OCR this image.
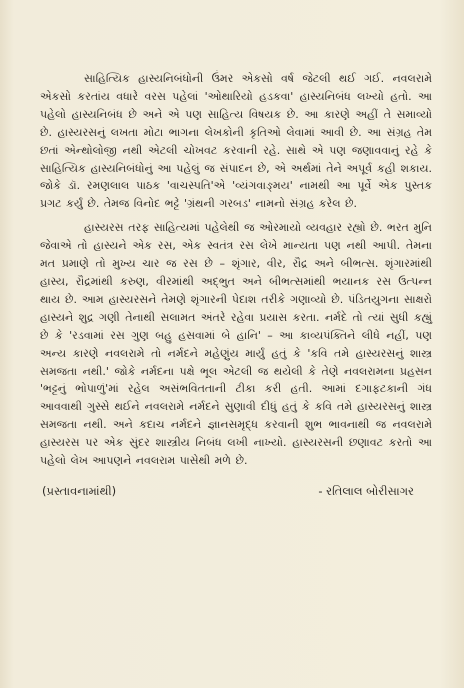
સાહિત્યિક હાસ્યનિબંધોની ઉંમર એકસો વર્ષ જેટલી થઈ ગઈ. નવલરામે એકસો કરતાંય વધારે વરસ પહેલાં 'ઓથારિયો હડકવા' હાસ્યનિબંધ લખ્યો હતો. આ પહેલો હાસ્યનિબંધ છે અને એ પણ સાહિત્ય વિષયક છે. આ કારણે અહીં તે સમાવ્યો છે. હાસ્યરસનું લખતા મોટા ભાગના લેખકોની કૃતિઓ લેવામાં આવી છે. આ સંગ્રહ તેમ છતાં એન્થોલોજી નથી એટલી ચોખવટ કરવાની રહે. સાથે એ પણ જણાવવાનું રહે કે સાહિત્યિક હાસ્યનિબંધોનું આ પહેલું જ સંપાદન છે, એ અર્થમાં તેને અપૂર્વ કહી શકાય. જોકે ડૉ. રમણલાલ પાઠક 'વાચસ્પતિ'એ 'વ્યંગવાઙ્મય' નામથી આ પૂર્વે એક પુસ્તક પ્રગટ કર્યું છે. તેમજ વિનોદ ભટ્ટે 'ગ્રંથની ગરબડ' નામનો સંગ્રહ કરેલ છે.

હાસ્યરસ તરફ સાહિત્યમાં પહેલેથી જ ઓરમાયો વ્યવહાર રહ્યો છે. ભરત મુનિ જેવાએ તો હાસ્યને એક રસ, એક સ્વતંત્ર રસ લેખે માન્યતા પણ નથી આપી. તેમના મત પ્રમાણે તો મુખ્ય ચાર જ રસ છે – શૃંગાર, વીર, રૌદ્ર અને બીભત્સ. શૃંગારમાંથી હાસ્ય, રૌદ્રમાંથી કરુણ, વીરમાંથી અદ્ભુત અને બીભત્સમાંથી ભયાનક રસ ઉત્પન્ન થાય છે. આમ હાસ્યરસને તેમણે શૃંગારની પેદાશ તરીકે ગણાવ્યો છે. પંડિતયુગના સાક્ષરો હાસ્યને શુદ્ર ગણી તેનાથી સલામત અંતરે રહેવા પ્રયાસ કરતા. નર્મદે તો ત્યાં સુધી કહ્યું છે કે 'રડવામાં રસ ગુણ બહુ હસવામાં બે હાનિ' – આ કાવ્યપંક્તિને લીધે નહીં, પણ અન્ય કારણે નવલરામે તો નર્મદને મહેણુંય માર્યું હતું કે 'કવિ તમે હાસ્યરસનું શાસ્ત્ર સમજતા નથી.' જોકે નર્મદના પક્ષે ભૂલ એટલી જ થયેલી કે તેણે નવલરામના પ્રહસન 'ભટ્ટનું ભોપાળું'માં રહેલ અસંભવિતતાની ટીકા કરી હતી. આમાં દગાફટકાની ગંધ આવવાથી ગુસ્સે થઈને નવલરામે નર્મદને સુણાવી દીધું હતું કે કવિ તમે હાસ્યરસનું શાસ્ત્ર સમજતા નથી. અને કદાચ નર્મદને જ્ઞાનસમૃદ્ધ કરવાની શુભ ભાવનાથી જ નવલરામે હાસ્યરસ પર એક સુંદર શાસ્ત્રીય નિબંધ લખી નાખ્યો. હાસ્યરસની છણાવટ કરતો આ પહેલો લેખ આપણને નવલરામ પાસેથી મળે છે.

(પ્રસ્તાવનામાંથી)	- રતિલાલ બોરીસાગર
